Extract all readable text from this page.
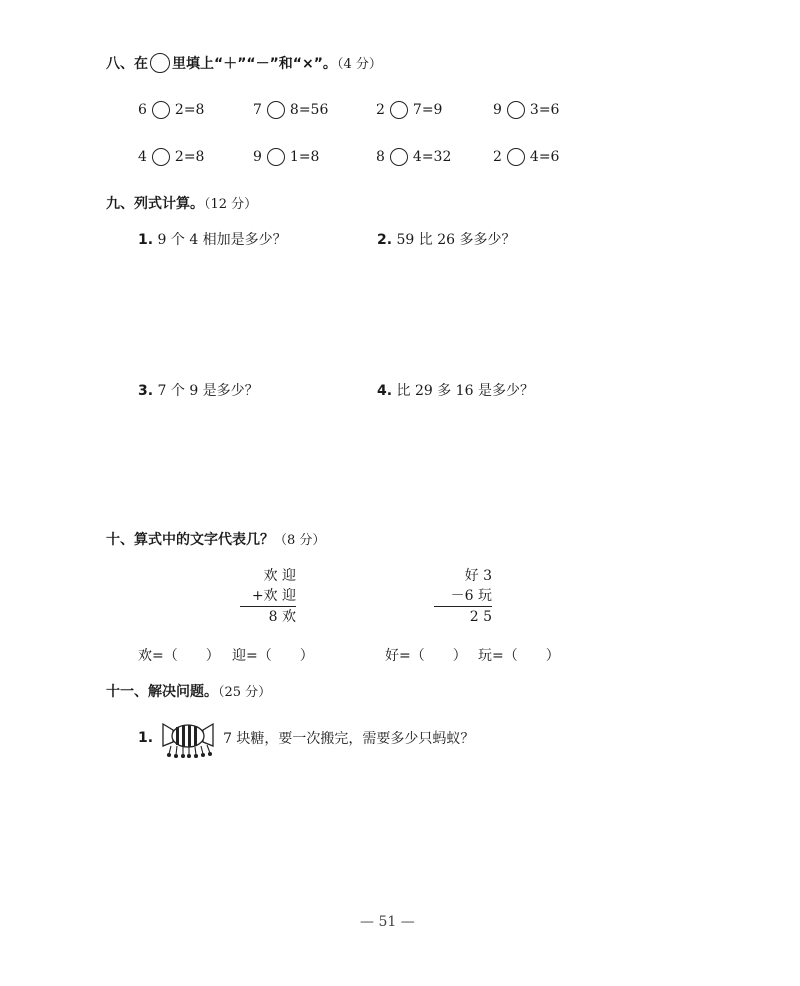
八、在 里填上“＋”“－”和“×”。（4 分）
6 2=8	7 8=56	2 7=9	9 3=6
4 2=8	9 1=8	8 4=32	2 4=6
九、列式计算。（12 分）
1. 9 个 4 相加是多少？	2. 59 比 26 多多少？
3. 7 个 9 是多少？	4. 比 29 多 16 是多少？
十、算式中的文字代表几？（8 分）
欢 迎
+欢 迎
8 欢
好 3
－6 玩
2 5
欢=（　　） 迎=（　　）	好=（　　） 玩=（　　）
十一、解决问题。（25 分）
1.	7 块糖，要一次搬完，需要多少只蚂蚁？
— 51 —
